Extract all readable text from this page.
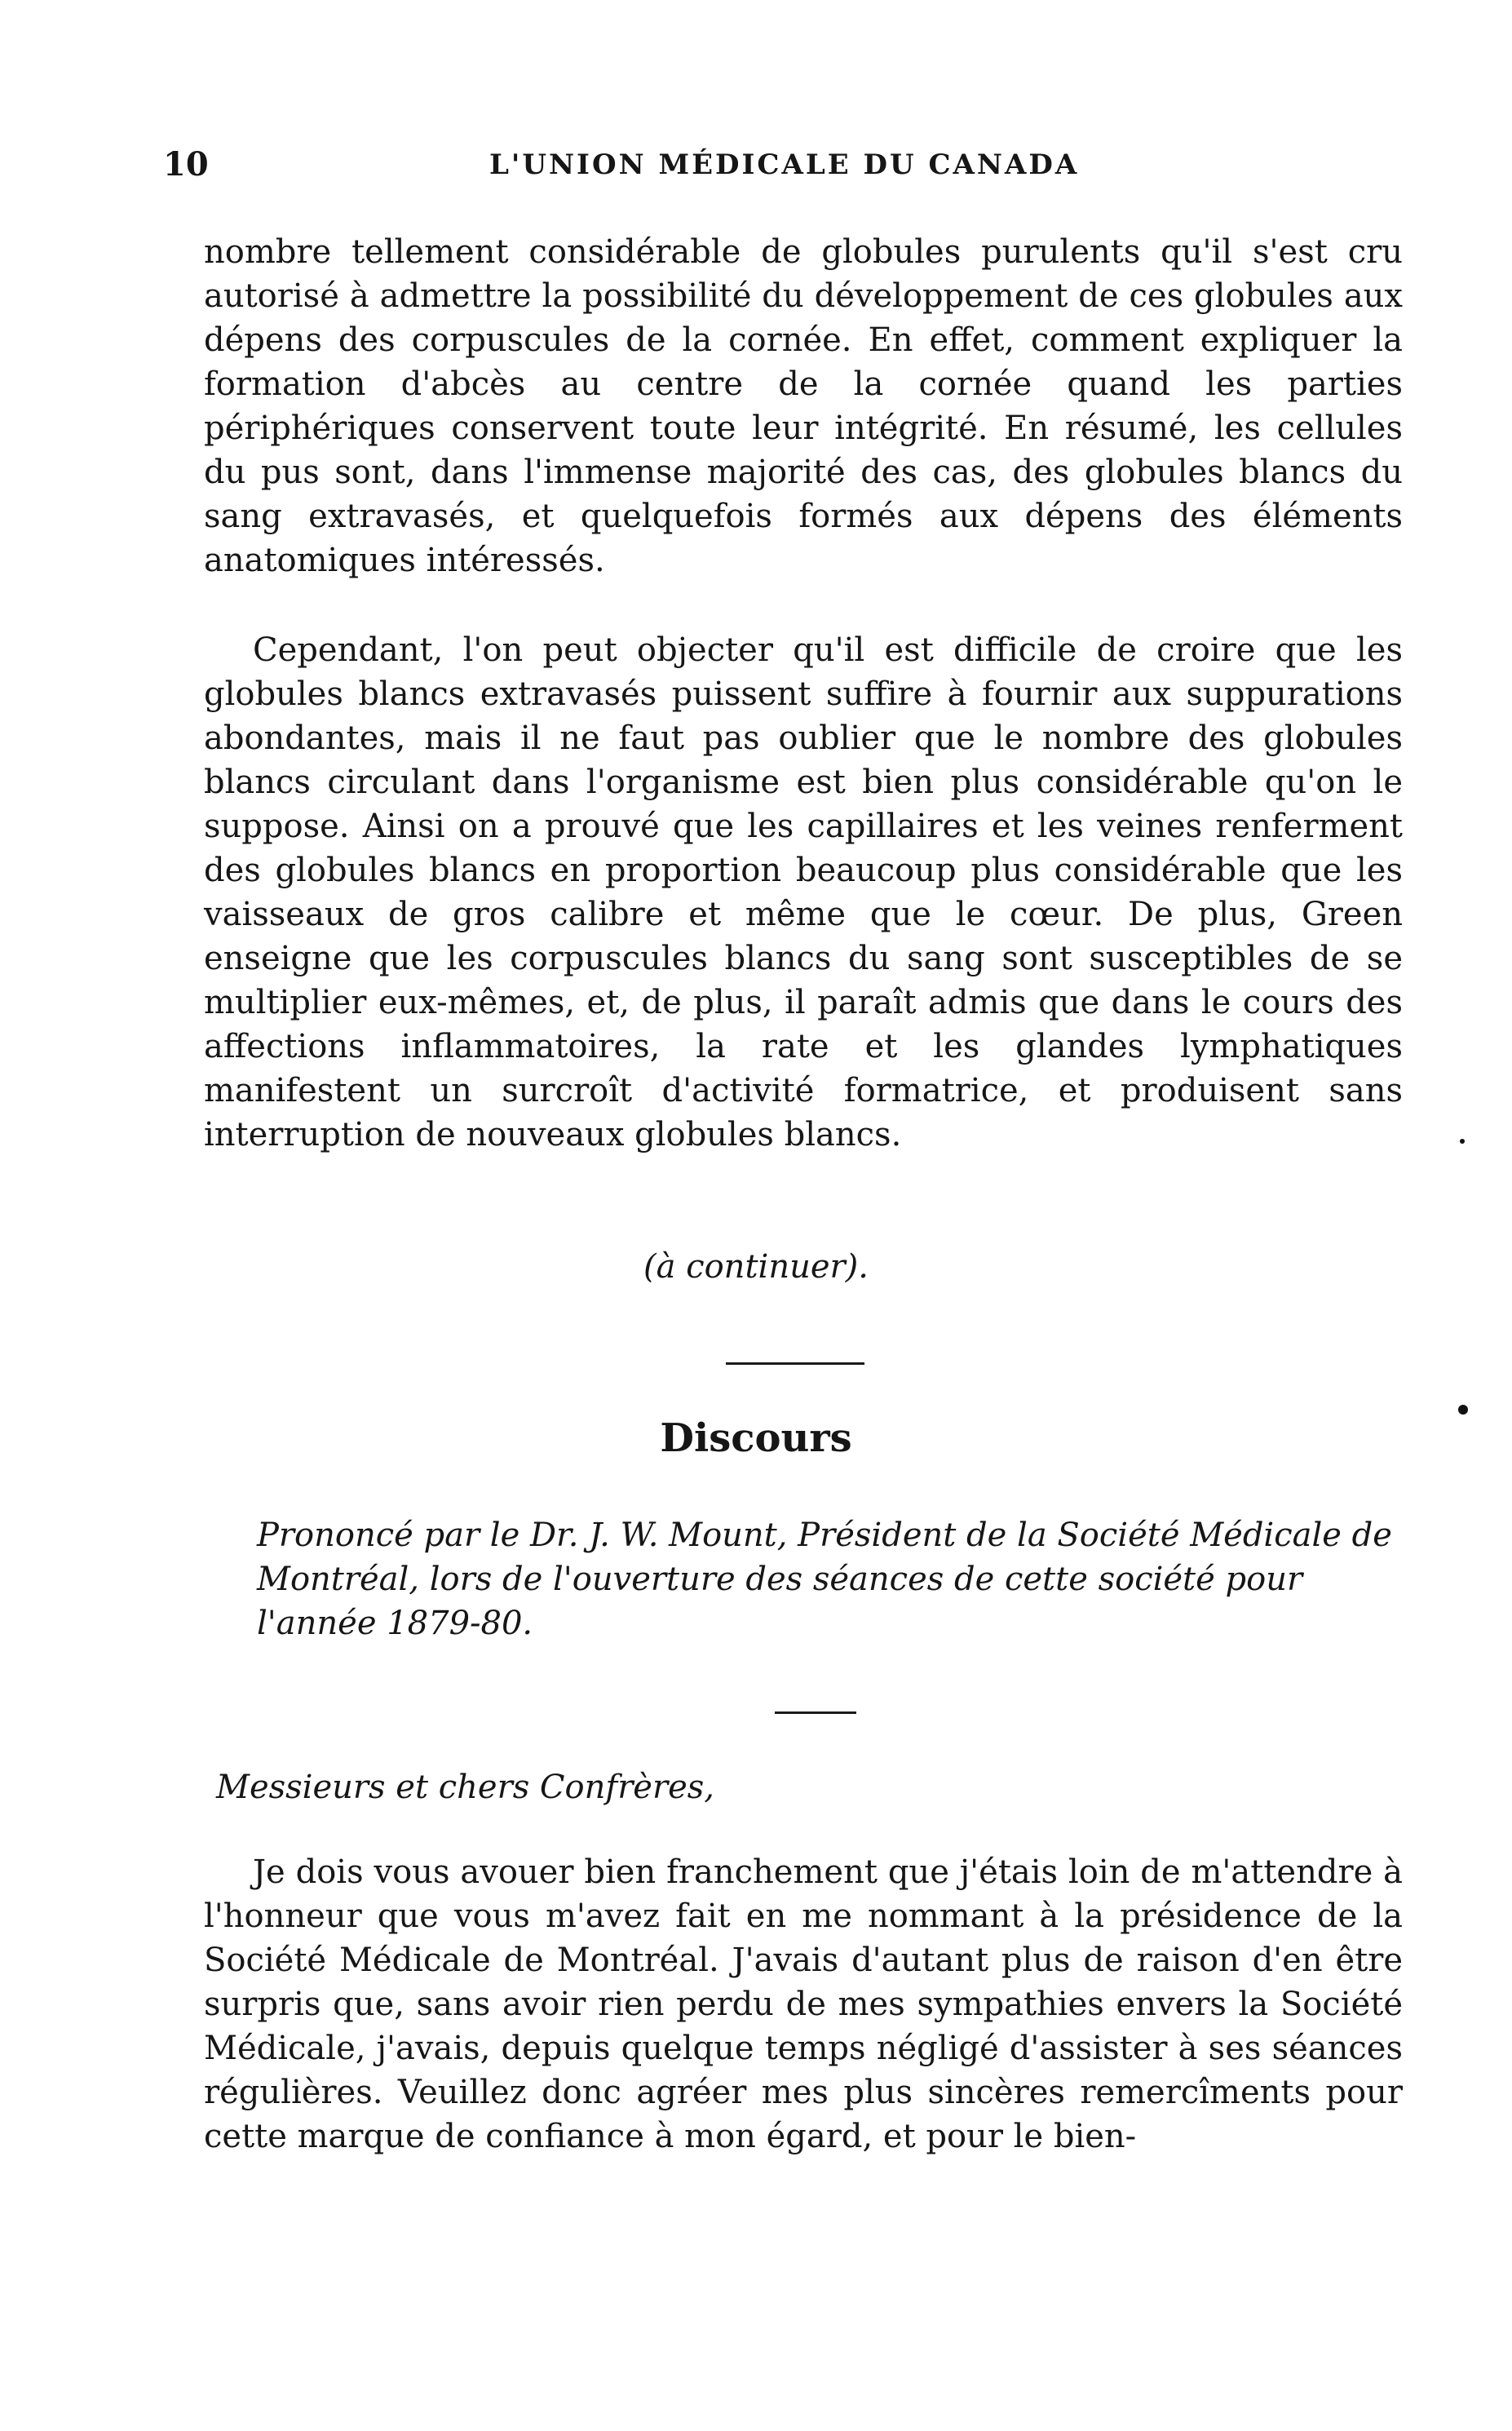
10	L'UNION MÉDICALE DU CANADA

nombre tellement considérable de globules purulents qu'il s'est cru autorisé à admettre la possibilité du développement de ces globules aux dépens des corpuscules de la cornée. En effet, comment expliquer la formation d'abcès au centre de la cornée quand les parties périphériques conservent toute leur intégrité. En résumé, les cellules du pus sont, dans l'immense majorité des cas, des globules blancs du sang extravasés, et quelquefois formés aux dépens des éléments anatomiques intéressés.

Cependant, l'on peut objecter qu'il est difficile de croire que les globules blancs extravasés puissent suffire à fournir aux suppurations abondantes, mais il ne faut pas oublier que le nombre des globules blancs circulant dans l'organisme est bien plus considérable qu'on le suppose. Ainsi on a prouvé que les capillaires et les veines renferment des globules blancs en proportion beaucoup plus considérable que les vaisseaux de gros calibre et même que le cœur. De plus, Green enseigne que les corpuscules blancs du sang sont susceptibles de se multiplier eux-mêmes, et, de plus, il paraît admis que dans le cours des affections inflammatoires, la rate et les glandes lymphatiques manifestent un surcroît d'activité formatrice, et produisent sans interruption de nouveaux globules blancs.

(à continuer).
Discours

Prononcé par le Dr. J. W. Mount, Président de la Société Médicale de Montréal, lors de l'ouverture des séances de cette société pour l'année 1879-80.

Messieurs et chers Confrères,

Je dois vous avouer bien franchement que j'étais loin de m'attendre à l'honneur que vous m'avez fait en me nommant à la présidence de la Société Médicale de Montréal. J'avais d'autant plus de raison d'en être surpris que, sans avoir rien perdu de mes sympathies envers la Société Médicale, j'avais, depuis quelque temps négligé d'assister à ses séances régulières. Veuillez donc agréer mes plus sincères remercîments pour cette marque de confiance à mon égard, et pour le bien-
